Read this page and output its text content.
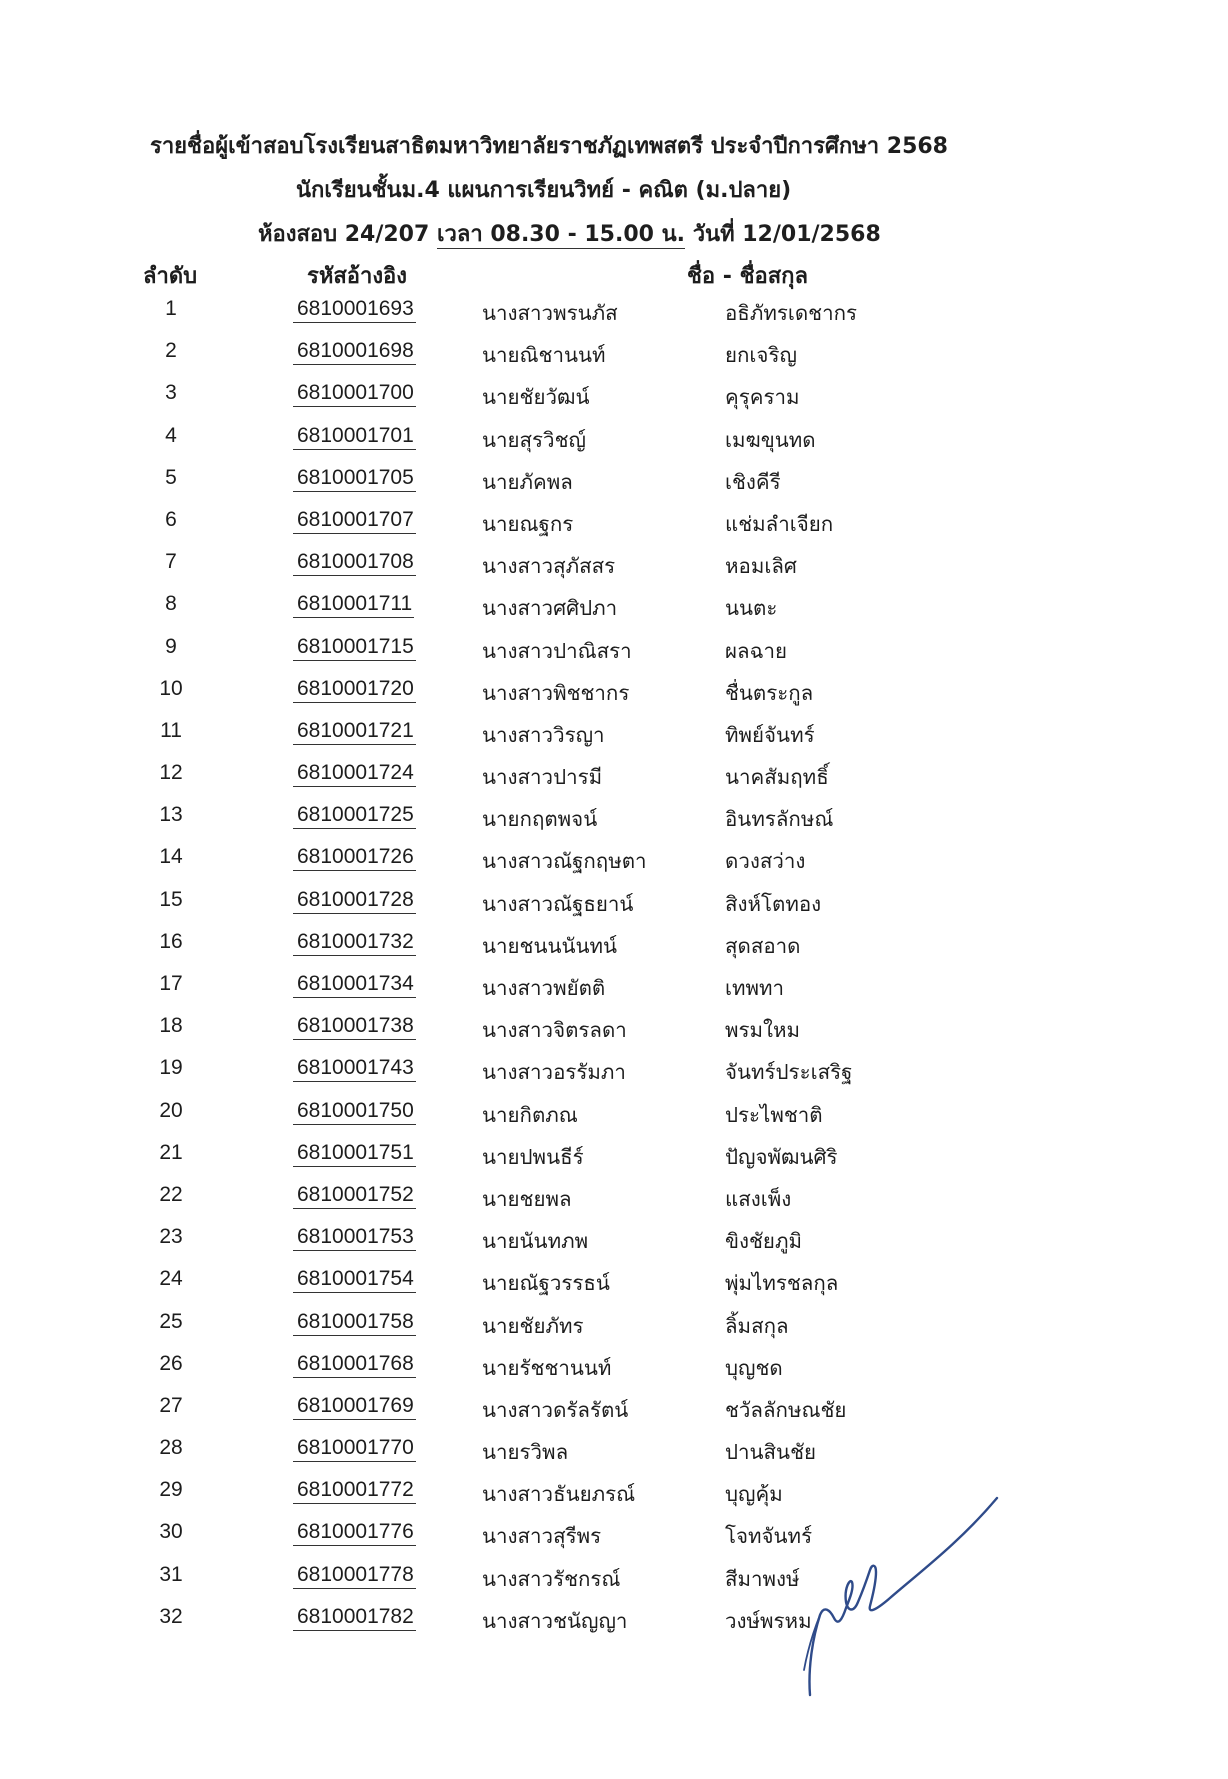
รายชื่อผู้เข้าสอบโรงเรียนสาธิตมหาวิทยาลัยราชภัฏเทพสตรี ประจำปีการศึกษา 2568
นักเรียนชั้นม.4 แผนการเรียนวิทย์ - คณิต (ม.ปลาย)
ห้องสอบ 24/207 เวลา 08.30 - 15.00 น. วันที่ 12/01/2568
ลำดับ	รหัสอ้างอิง	ชื่อ - ชื่อสกุล
1	6810001693	นางสาวพรนภัส	อธิภัทรเดชากร
2	6810001698	นายณิชานนท์	ยกเจริญ
3	6810001700	นายชัยวัฒน์	คุรุคราม
4	6810001701	นายสุรวิชญ์	เมฆขุนทด
5	6810001705	นายภัคพล	เชิงคีรี
6	6810001707	นายณฐกร	แช่มลำเจียก
7	6810001708	นางสาวสุภัสสร	หอมเลิศ
8	6810001711	นางสาวศศิปภา	นนตะ
9	6810001715	นางสาวปาณิสรา	ผลฉาย
10	6810001720	นางสาวพิชชากร	ชื่นตระกูล
11	6810001721	นางสาววิรญา	ทิพย์จันทร์
12	6810001724	นางสาวปารมี	นาคสัมฤทธิ์
13	6810001725	นายกฤตพจน์	อินทรลักษณ์
14	6810001726	นางสาวณัฐกฤษตา	ดวงสว่าง
15	6810001728	นางสาวณัฐธยาน์	สิงห์โตทอง
16	6810001732	นายชนนนันทน์	สุดสอาด
17	6810001734	นางสาวพยัตติ	เทพทา
18	6810001738	นางสาวจิตรลดา	พรมใหม
19	6810001743	นางสาวอรรัมภา	จันทร์ประเสริฐ
20	6810001750	นายกิตภณ	ประไพชาติ
21	6810001751	นายปพนธีร์	ปัญจพัฒนศิริ
22	6810001752	นายชยพล	แสงเพ็ง
23	6810001753	นายนันทภพ	ขิงชัยภูมิ
24	6810001754	นายณัฐวรรธน์	พุ่มไทรชลกุล
25	6810001758	นายชัยภัทร	ลิ้มสกุล
26	6810001768	นายรัชชานนท์	บุญชด
27	6810001769	นางสาวดรัลรัตน์	ชวัลลักษณชัย
28	6810001770	นายรวิพล	ปานสินชัย
29	6810001772	นางสาวธันยภรณ์	บุญคุ้ม
30	6810001776	นางสาวสุรีพร	โจทจันทร์
31	6810001778	นางสาวรัชกรณ์	สีมาพงษ์
32	6810001782	นางสาวชนัญญา	วงษ์พรหม
